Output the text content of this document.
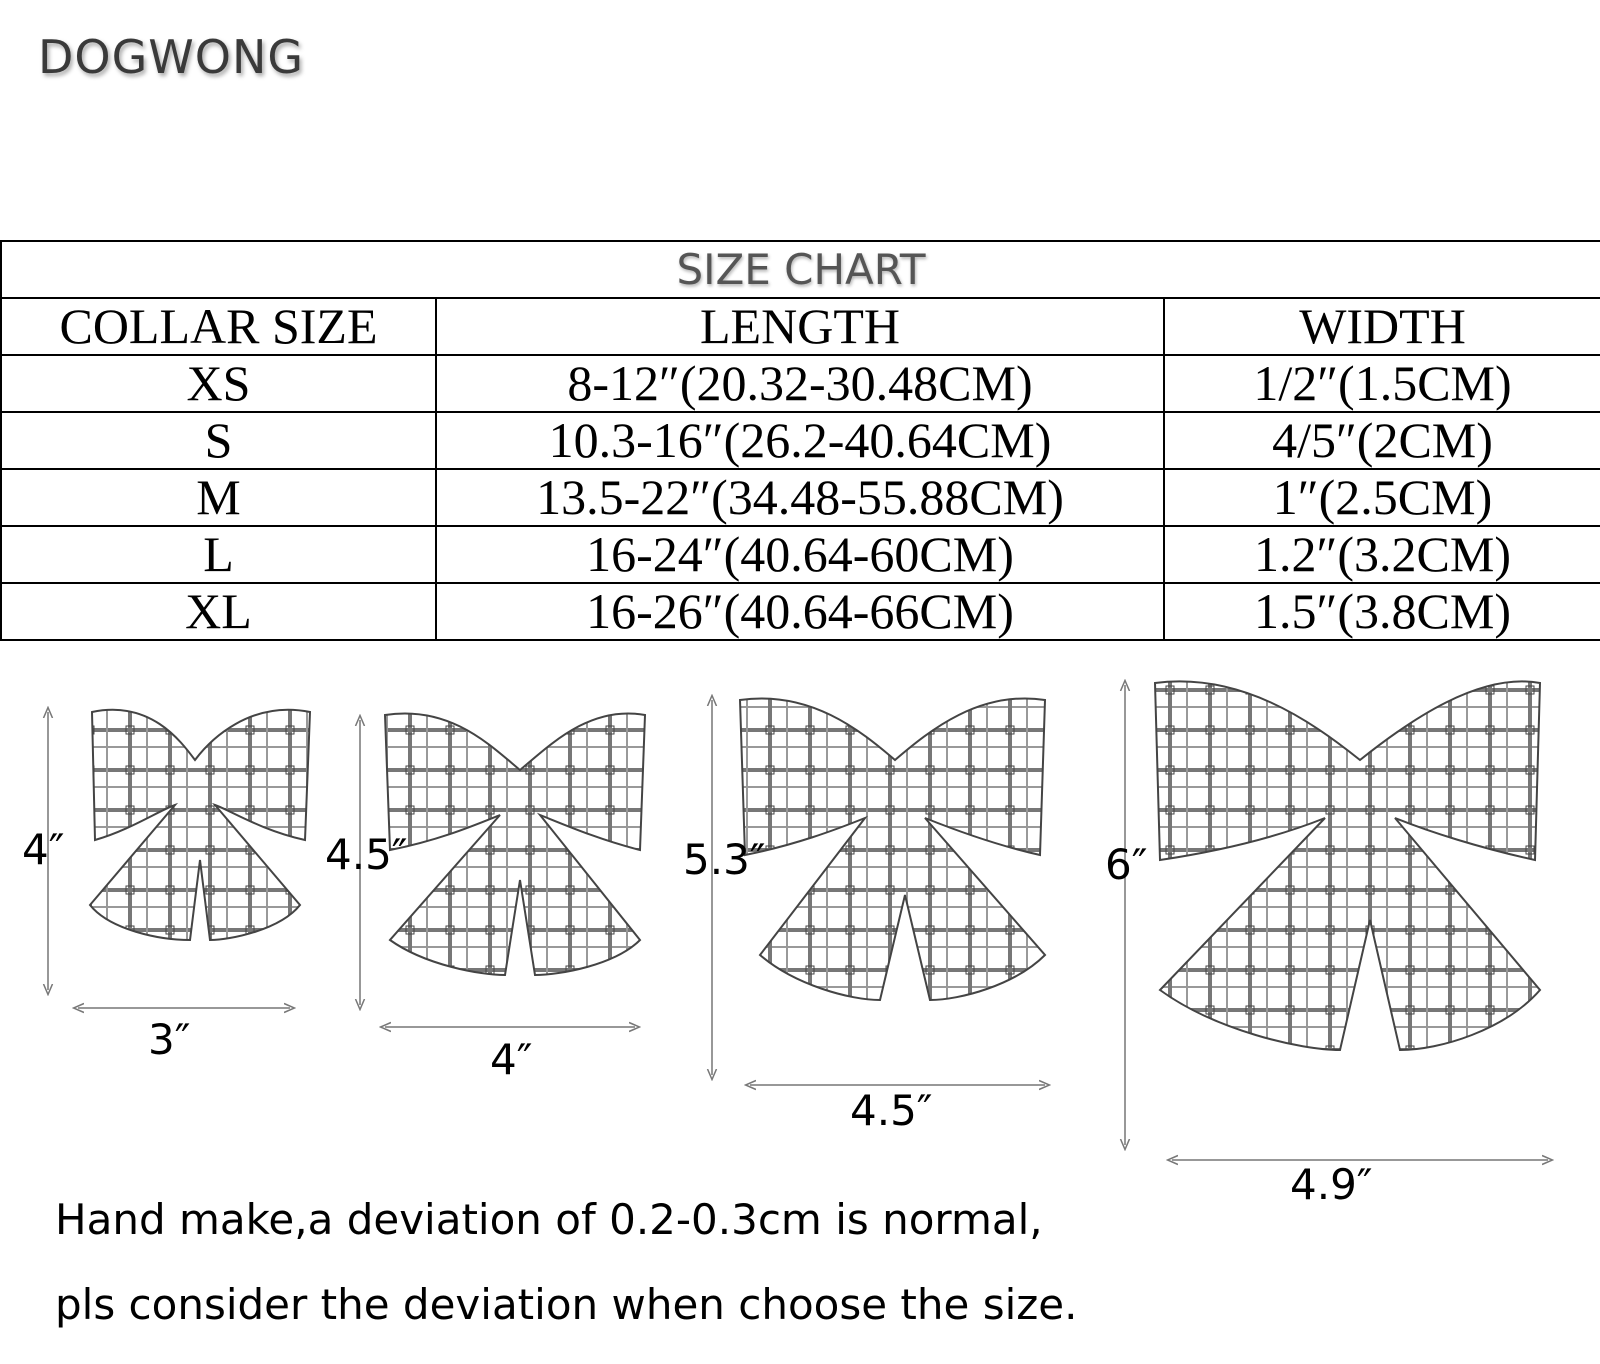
DOGWONG
SIZE CHART		
COLLAR SIZE	LENGTH	WIDTH
XS	8-12″(20.32-30.48CM)	1/2″(1.5CM)
S	10.3-16″(26.2-40.64CM)	4/5″(2CM)
M	13.5-22″(34.48-55.88CM)	1″(2.5CM)
L	16-24″(40.64-60CM)	1.2″(3.2CM)
XL	16-26″(40.64-66CM)	1.5″(3.8CM)
4″
3″
4.5″
4″
5.3″
4.5″
6″
4.9″
Hand make,a deviation of 0.2-0.3cm is normal,
pls consider the deviation when choose the size.
